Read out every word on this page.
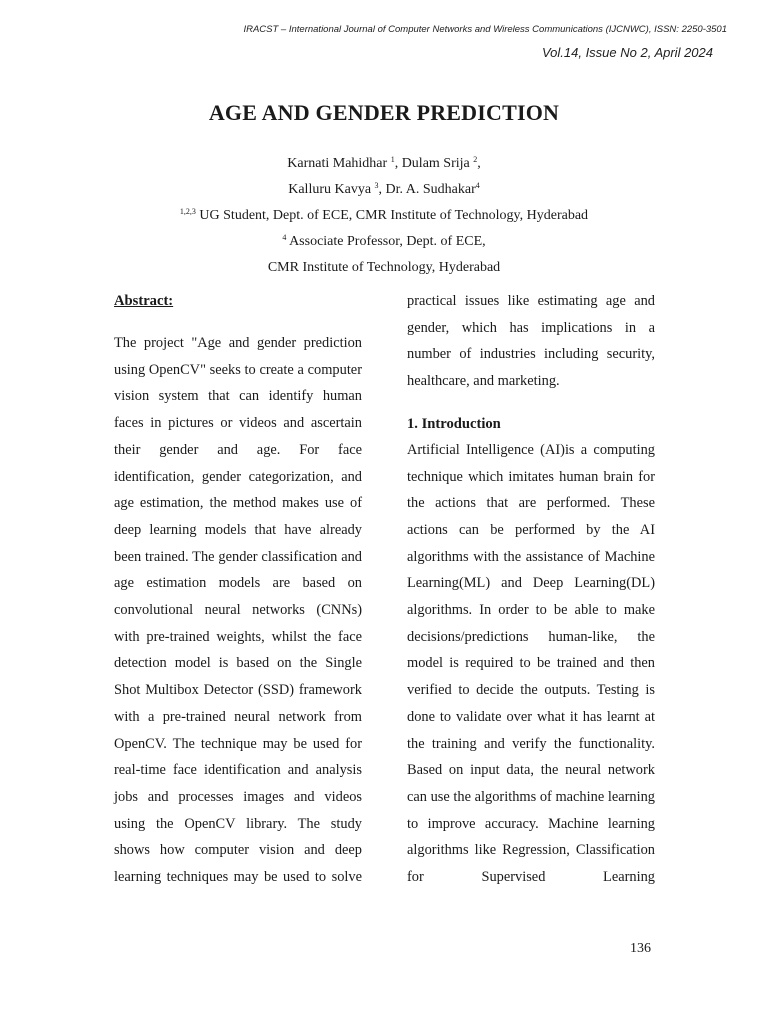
IRACST – International Journal of Computer Networks and Wireless Communications (IJCNWC), ISSN: 2250-3501
Vol.14, Issue No 2, April 2024
AGE AND GENDER PREDICTION
Karnati Mahidhar $^1$, Dulam Srija $^2$,
Kalluru Kavya $^3$, Dr. A. Sudhakar$^4$
$^{1,2,3}$ UG Student, Dept. of ECE, CMR Institute of Technology, Hyderabad
$^4$ Associate Professor, Dept. of ECE,
CMR Institute of Technology, Hyderabad
Abstract:

The project "Age and gender prediction using OpenCV" seeks to create a computer vision system that can identify human faces in pictures or videos and ascertain their gender and age. For face identification, gender categorization, and age estimation, the method makes use of deep learning models that have already been trained. The gender classification and age estimation models are based on convolutional neural networks (CNNs) with pre-trained weights, whilst the face detection model is based on the Single Shot Multibox Detector (SSD) framework with a pre-trained neural network from OpenCV. The technique may be used for real-time face identification and analysis jobs and processes images and videos using the OpenCV library. The study shows how computer vision and deep learning techniques may be used to solve

practical issues like estimating age and gender, which has implications in a number of industries including security, healthcare, and marketing.

1. Introduction

Artificial Intelligence (AI)is a computing technique which imitates human brain for the actions that are performed. These actions can be performed by the AI algorithms with the assistance of Machine Learning(ML) and Deep Learning(DL) algorithms. In order to be able to make decisions/predictions human-like, the model is required to be trained and then verified to decide the outputs. Testing is done to validate over what it has learnt at the training and verify the functionality. Based on input data, the neural network can use the algorithms of machine learning to improve accuracy. Machine learning algorithms like Regression, Classification for Supervised Learning

136
